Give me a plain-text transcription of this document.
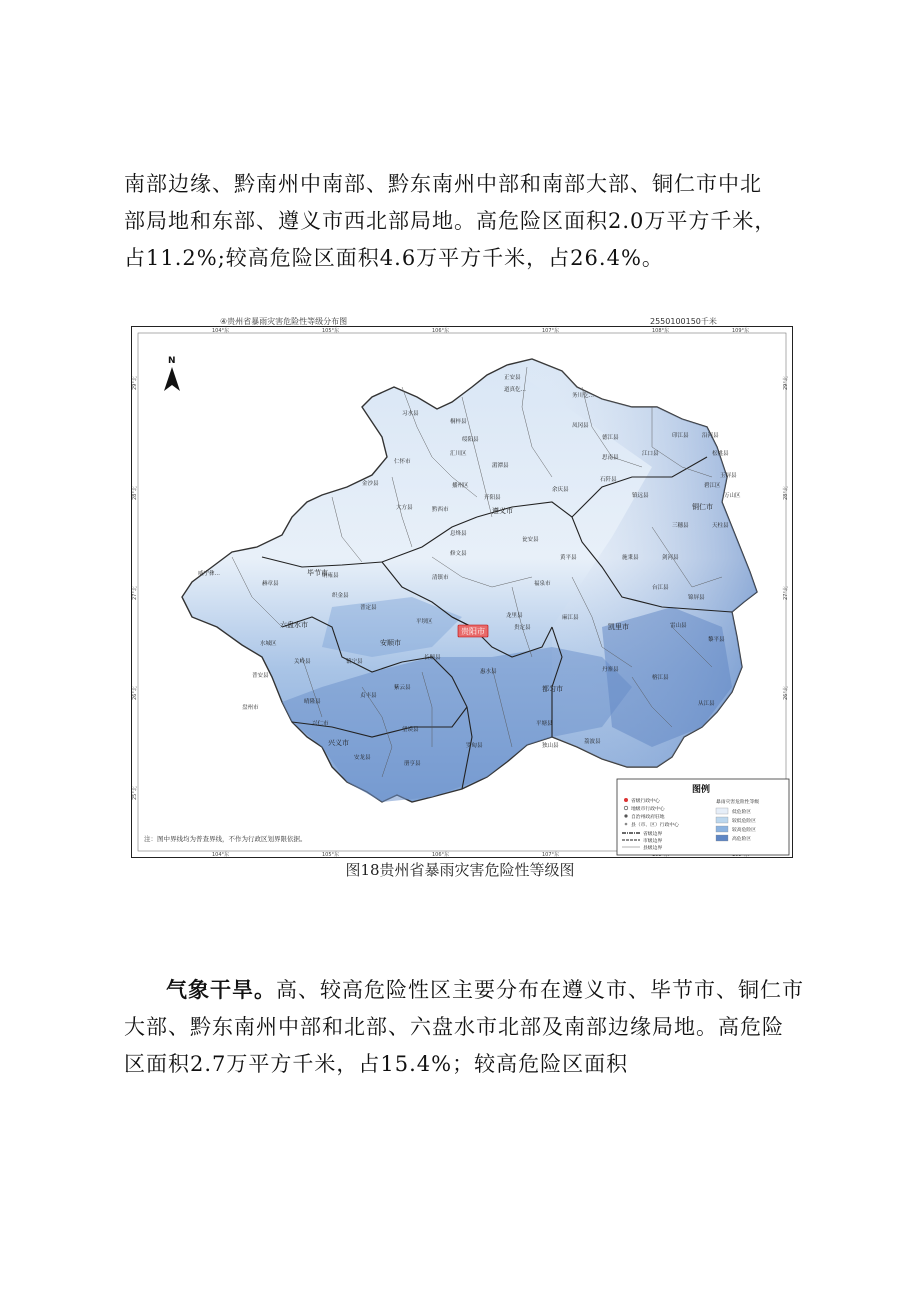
南部边缘、黔南州中南部、黔东南州中部和南部大部、铜仁市中北
部局地和东部、遵义市西北部局地。高危险区面积2.0万平方千米，
占11.2%;较高危险区面积4.6万平方千米，占26.4%。
④贵州省暴雨灾害危险性等级分布图	2550100150千米
104°东	105°东	106°东	107°东	108°东	109°东
104°东	105°东	106°东	107°东
29°北
28°北
27°北
26°北
25°北
29°北
28°北
27°北
26°北
N
贵阳市
毕节市
遵义市	铜仁市
六盘水市
安顺市
凯里市
都匀市
兴义市
正安县
道真仡…
务川仡…
习水县
桐梓县
绥阳县
凤冈县
德江县
思南县
仁怀市
汇川区
湄潭县
金沙县	播州区
石阡县
大方县	黔西市
开阳县
余庆县
镇远县
威宁彝…
赫章县
纳雍县
织金县
息烽县
修文县
瓮安县
黄平县
三穗县	天柱县
清镇市
福泉市
施秉县	剑河县
锦屏县
水城区
普定县
平坝区
龙里县
贵定县
麻江县
台江县
雷山县
黎平县
关岭县	镇宁县
惠水县
长顺县
丹寨县
榕江县
从江县
晴隆县
贞丰县
紫云县
罗甸县
平塘县
独山县
荔波县
安龙县
册亨县
望谟县
盘州市
兴仁市
普安县
江口县
玉屏县
松桃县
印江县 沿河县
万山区
碧江区
图例
省级行政中心
地级市行政中心
自治州政府驻地
县（市、区）行政中心
省级边界
市级边界
县级边界
暴雨灾害危险性等级
低危险区
较低危险区
较高危险区
高危险区
注：图中界线均为普查界线，不作为行政区划界限依据。
图18贵州省暴雨灾害危险性等级图
气象干旱。高、较高危险性区主要分布在遵义市、毕节市、铜仁市
大部、黔东南州中部和北部、六盘水市北部及南部边缘局地。高危险
区面积2.7万平方千米，占15.4%；较高危险区面积
